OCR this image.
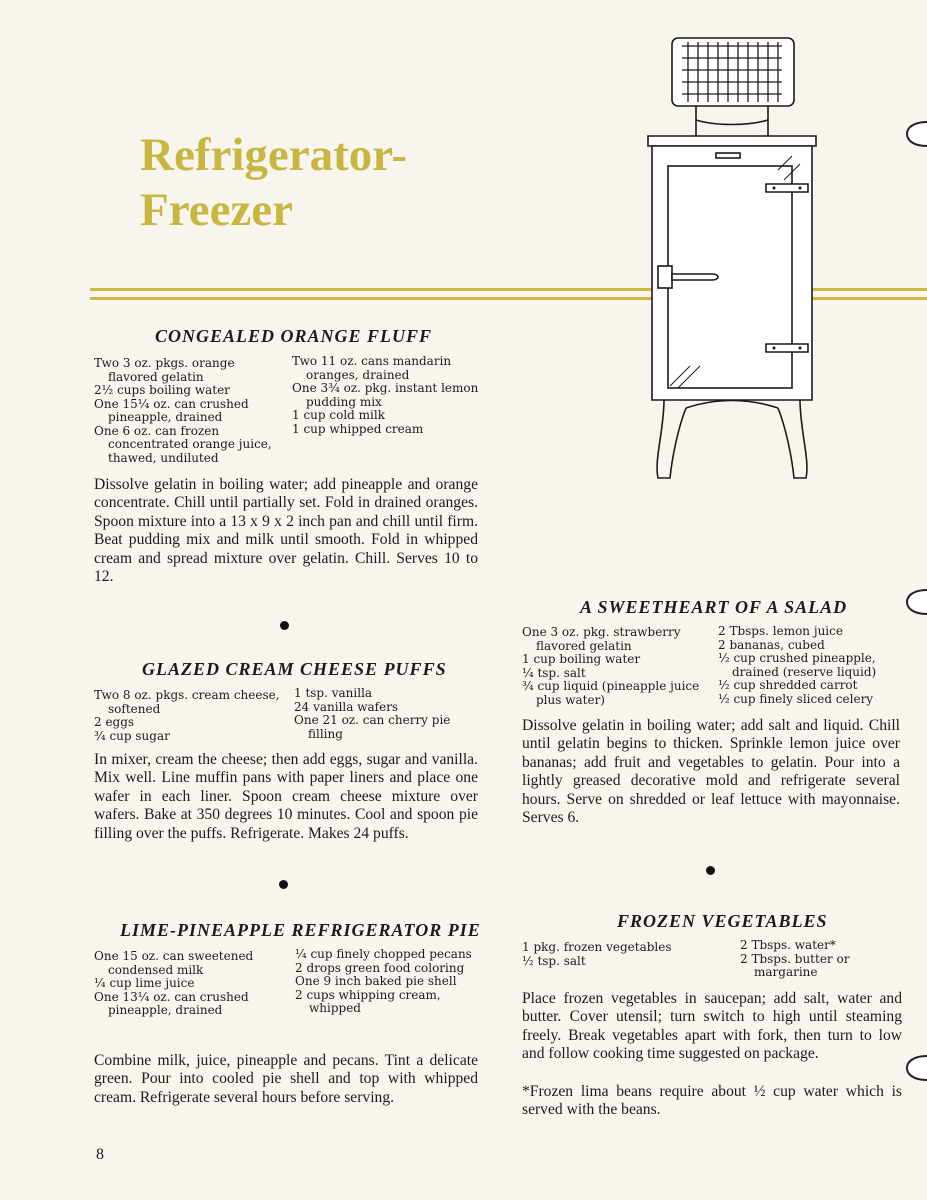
Refrigerator-
Freezer
CONGEALED ORANGE FLUFF
Two 3 oz. pkgs. orange flavored gelatin
2½ cups boiling water
One 15¼ oz. can crushed pineapple, drained
One 6 oz. can frozen concentrated orange juice, thawed, undiluted
Two 11 oz. cans mandarin oranges, drained
One 3¾ oz. pkg. instant lemon pudding mix
1 cup cold milk
1 cup whipped cream

Dissolve gelatin in boiling water; add pineapple and orange concentrate. Chill until partially set. Fold in drained oranges. Spoon mixture into a 13 x 9 x 2 inch pan and chill until firm. Beat pudding mix and milk until smooth. Fold in whipped cream and spread mixture over gelatin. Chill. Serves 10 to 12.

GLAZED CREAM CHEESE PUFFS
Two 8 oz. pkgs. cream cheese, softened
2 eggs
¾ cup sugar
1 tsp. vanilla
24 vanilla wafers
One 21 oz. can cherry pie filling

In mixer, cream the cheese; then add eggs, sugar and vanilla. Mix well. Line muffin pans with paper liners and place one wafer in each liner. Spoon cream cheese mixture over wafers. Bake at 350 degrees 10 minutes. Cool and spoon pie filling over the puffs. Refrigerate. Makes 24 puffs.

LIME-PINEAPPLE REFRIGERATOR PIE
One 15 oz. can sweetened condensed milk
¼ cup lime juice
One 13¼ oz. can crushed pineapple, drained
¼ cup finely chopped pecans
2 drops green food coloring
One 9 inch baked pie shell
2 cups whipping cream, whipped

Combine milk, juice, pineapple and pecans. Tint a delicate green. Pour into cooled pie shell and top with whipped cream. Refrigerate several hours before serving.

A SWEETHEART OF A SALAD
One 3 oz. pkg. strawberry flavored gelatin
1 cup boiling water
¼ tsp. salt
¾ cup liquid (pineapple juice plus water)
2 Tbsps. lemon juice
2 bananas, cubed
½ cup crushed pineapple, drained (reserve liquid)
½ cup shredded carrot
½ cup finely sliced celery

Dissolve gelatin in boiling water; add salt and liquid. Chill until gelatin begins to thicken. Sprinkle lemon juice over bananas; add fruit and vegetables to gelatin. Pour into a lightly greased decorative mold and refrigerate several hours. Serve on shredded or leaf lettuce with mayonnaise. Serves 6.

FROZEN VEGETABLES
1 pkg. frozen vegetables
½ tsp. salt
2 Tbsps. water*
2 Tbsps. butter or margarine

Place frozen vegetables in saucepan; add salt, water and butter. Cover utensil; turn switch to high until steaming freely. Break vegetables apart with fork, then turn to low and follow cooking time suggested on package.

*Frozen lima beans require about ½ cup water which is served with the beans.

8
